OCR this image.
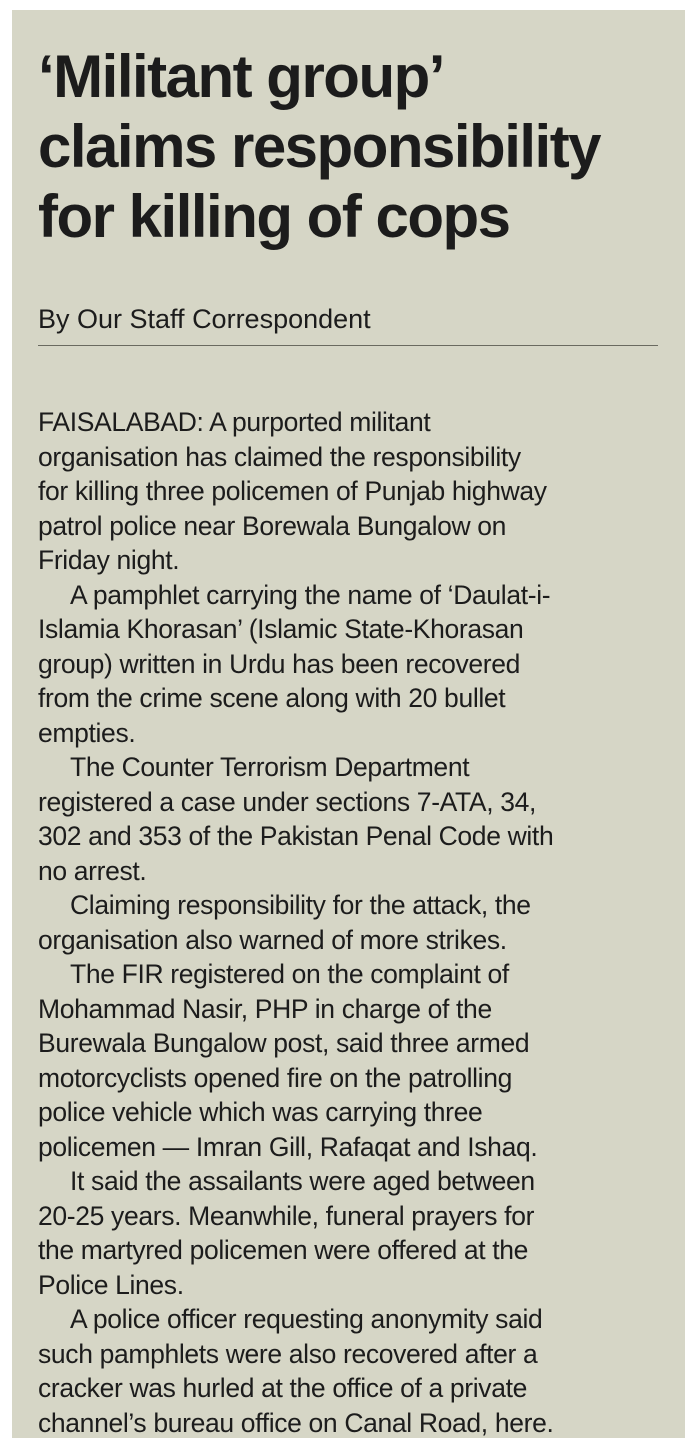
‘Militant group’
claims responsibility
for killing of cops
By Our Staff Correspondent

FAISALABAD: A purported militant
organisation has claimed the responsibility
for killing three policemen of Punjab highway
patrol police near Borewala Bungalow on
Friday night.

A pamphlet carrying the name of ‘Daulat-i-
Islamia Khorasan’ (Islamic State-Khorasan
group) written in Urdu has been recovered
from the crime scene along with 20 bullet
empties.

The Counter Terrorism Department
registered a case under sections 7-ATA, 34,
302 and 353 of the Pakistan Penal Code with
no arrest.

Claiming responsibility for the attack, the
organisation also warned of more strikes.

The FIR registered on the complaint of
Mohammad Nasir, PHP in charge of the
Burewala Bungalow post, said three armed
motorcyclists opened fire on the patrolling
police vehicle which was carrying three
policemen — Imran Gill, Rafaqat and Ishaq.

It said the assailants were aged between
20-25 years. Meanwhile, funeral prayers for
the martyred policemen were offered at the
Police Lines.

A police officer requesting anonymity said
such pamphlets were also recovered after a
cracker was hurled at the office of a private
channel’s bureau office on Canal Road, here.
